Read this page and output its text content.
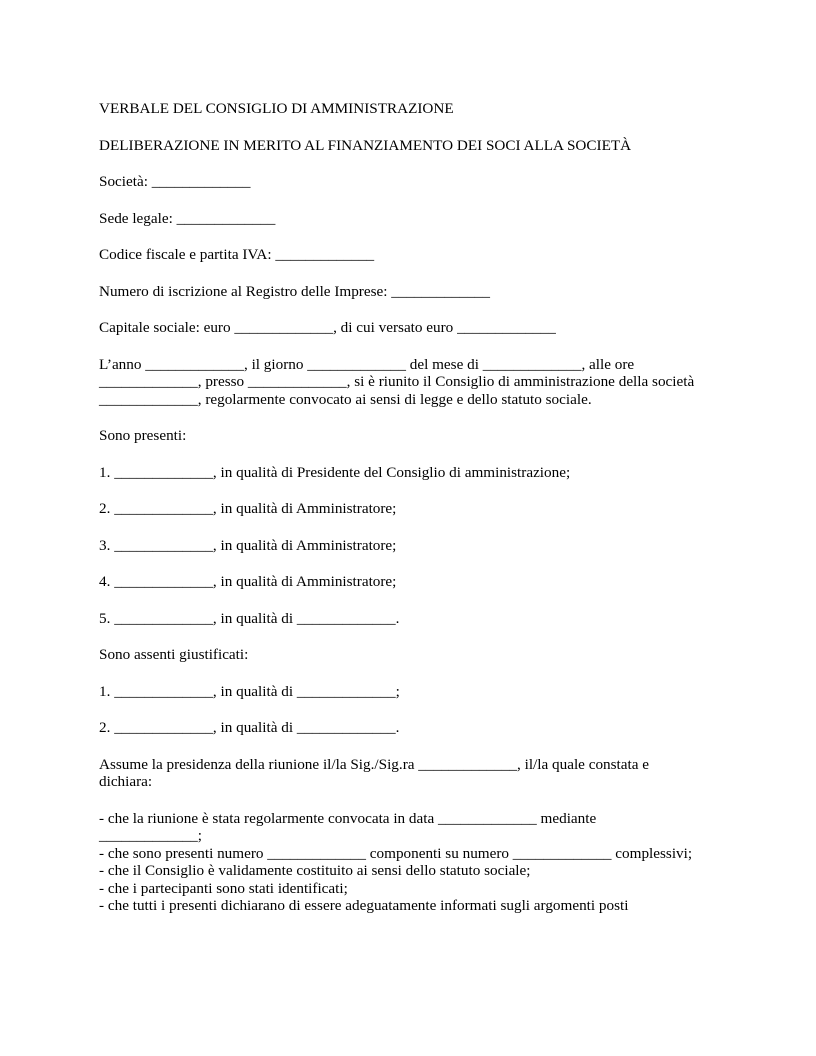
VERBALE DEL CONSIGLIO DI AMMINISTRAZIONE

DELIBERAZIONE IN MERITO AL FINANZIAMENTO DEI SOCI ALLA SOCIETÀ

Società: _____________

Sede legale: _____________

Codice fiscale e partita IVA: _____________

Numero di iscrizione al Registro delle Imprese: _____________

Capitale sociale: euro _____________, di cui versato euro _____________

L’anno _____________, il giorno _____________ del mese di _____________, alle ore _____________, presso _____________, si è riunito il Consiglio di amministrazione della società _____________, regolarmente convocato ai sensi di legge e dello statuto sociale.

Sono presenti:

1. _____________, in qualità di Presidente del Consiglio di amministrazione;

2. _____________, in qualità di Amministratore;

3. _____________, in qualità di Amministratore;

4. _____________, in qualità di Amministratore;

5. _____________, in qualità di _____________.

Sono assenti giustificati:

1. _____________, in qualità di _____________;

2. _____________, in qualità di _____________.

Assume la presidenza della riunione il/la Sig./Sig.ra _____________, il/la quale constata e dichiara:

- che la riunione è stata regolarmente convocata in data _____________ mediante _____________;

- che sono presenti numero _____________ componenti su numero _____________ complessivi;

- che il Consiglio è validamente costituito ai sensi dello statuto sociale;

- che i partecipanti sono stati identificati;

- che tutti i presenti dichiarano di essere adeguatamente informati sugli argomenti posti
